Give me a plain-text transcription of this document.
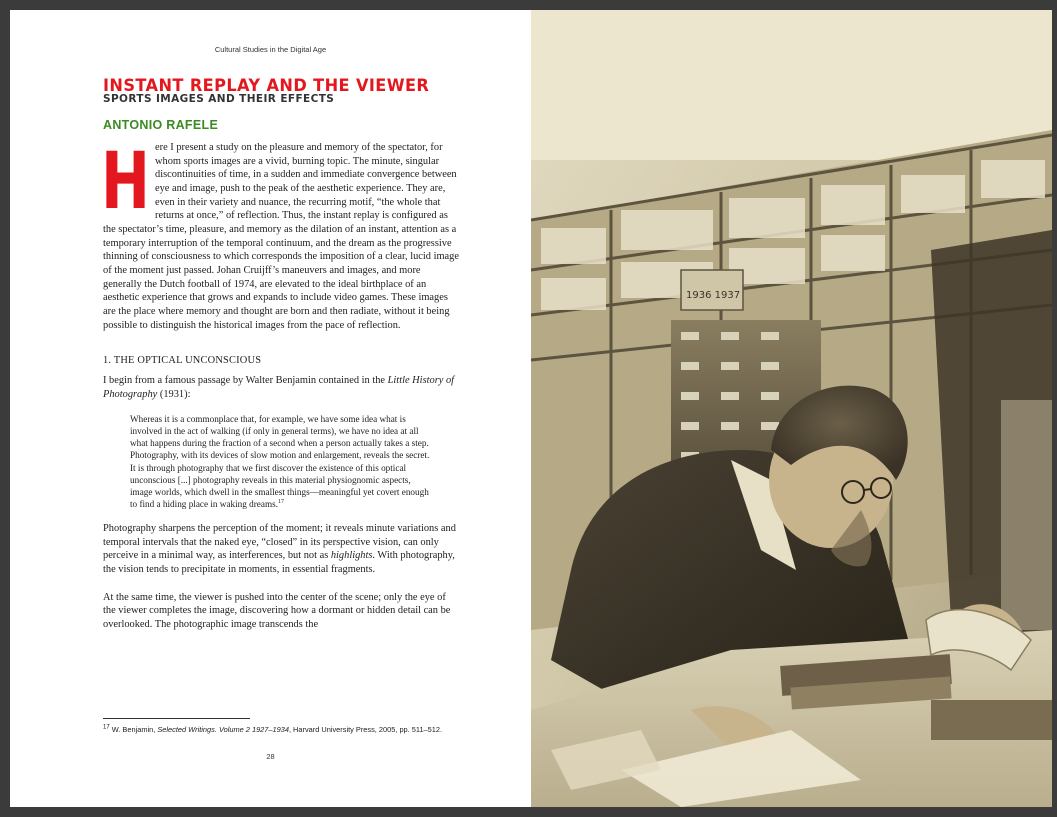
Cultural Studies in the Digital Age
INSTANT REPLAY AND THE VIEWER
SPORTS IMAGES AND THEIR EFFECTS
ANTONIO RAFELE

Here I present a study on the pleasure and memory of the spectator, for whom sports images are a vivid, burning topic. The minute, singular discontinuities of time, in a sudden and immediate convergence between eye and image, push to the peak of the aesthetic experience. They are, even in their variety and nuance, the recurring motif, “the whole that returns at once,” of reflection. Thus, the instant replay is configured as the spectator’s time, pleasure, and memory as the dilation of an instant, attention as a temporary interruption of the temporal continuum, and the dream as the progressive thinning of consciousness to which corresponds the imposition of a clear, lucid image of the moment just passed. Johan Cruijff’s maneuvers and images, and more generally the Dutch football of 1974, are elevated to the ideal birthplace of an aesthetic experience that grows and expands to include video games. These images are the place where memory and thought are born and then radiate, without it being possible to distinguish the historical images from the pace of reflection.

1. THE OPTICAL UNCONSCIOUS

I begin from a famous passage by Walter Benjamin contained in the Little History of Photography (1931):

Whereas it is a commonplace that, for example, we have some idea what is involved in the act of walking (if only in general terms), we have no idea at all what happens during the fraction of a second when a person actually takes a step. Photography, with its devices of slow motion and enlargement, reveals the secret. It is through photography that we first discover the existence of this optical unconscious [...] photography reveals in this material physiognomic aspects, image worlds, which dwell in the smallest things—meaningful yet covert enough to find a hiding place in waking dreams.$^{17}$

Photography sharpens the perception of the moment; it reveals minute variations and temporal intervals that the naked eye, “closed” in its perspective vision, can only perceive in a minimal way, as interferences, but not as highlights. With photography, the vision tends to precipitate in moments, in essential fragments.

At the same time, the viewer is pushed into the center of the scene; only the eye of the viewer completes the image, discovering how a dormant or hidden detail can be overlooked. The photographic image transcends the

$^{17}$ W. Benjamin, Selected Writings. Volume 2 1927–1934, Harvard University Press, 2005, pp. 511–512.
28
1936 1937
